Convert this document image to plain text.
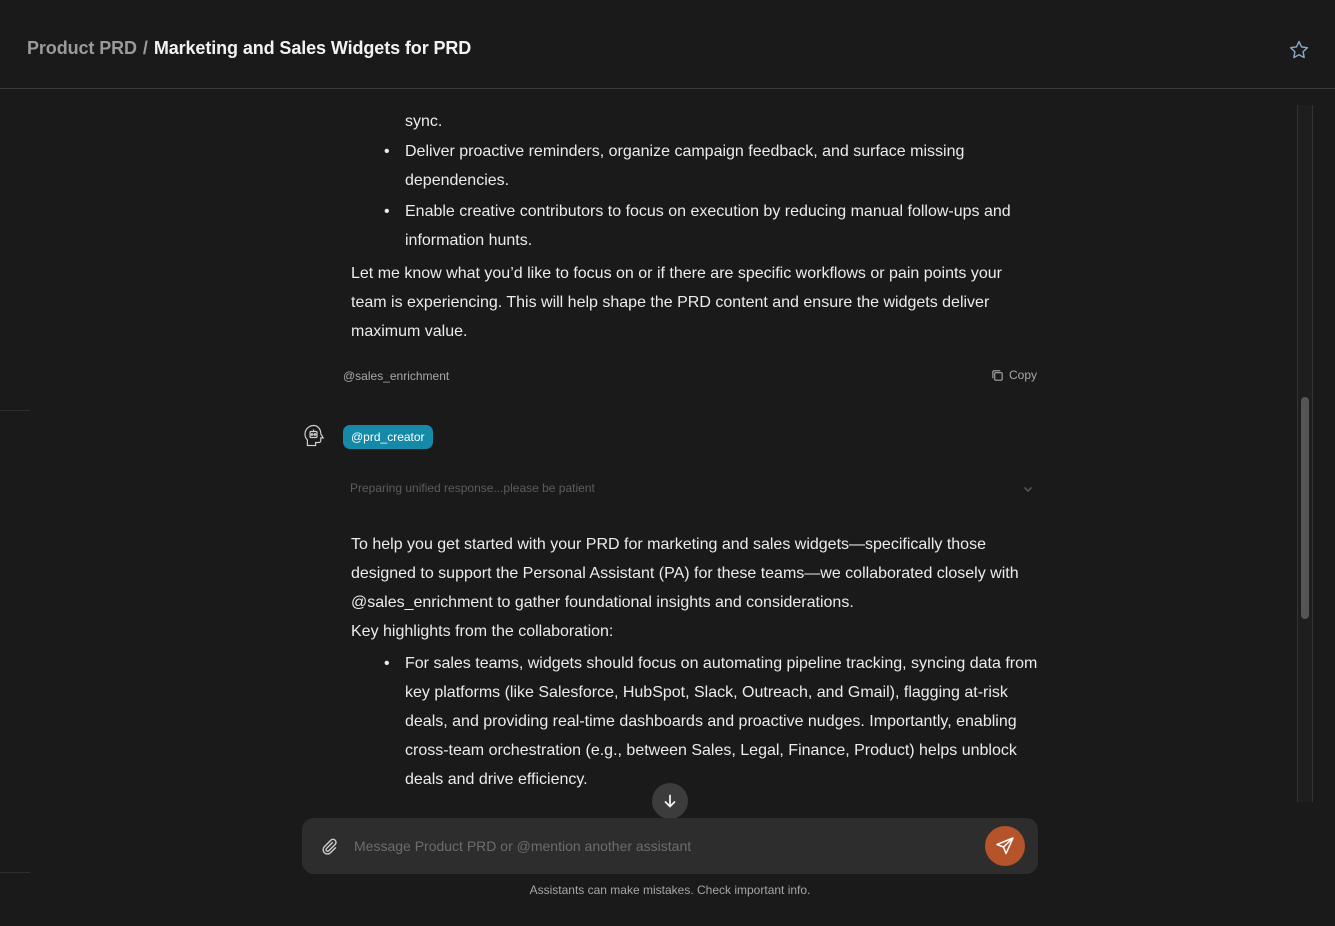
Product PRD / Marketing and Sales Widgets for PRD
sync.
• Deliver proactive reminders, organize campaign feedback, and surface missing dependencies.
• Enable creative contributors to focus on execution by reducing manual follow-ups and information hunts.
Let me know what you’d like to focus on or if there are specific workflows or pain points your team is experiencing. This will help shape the PRD content and ensure the widgets deliver maximum value.
@sales_enrichment	Copy
@prd_creator
Preparing unified response...please be patient
To help you get started with your PRD for marketing and sales widgets—specifically those designed to support the Personal Assistant (PA) for these teams—we collaborated closely with @sales_enrichment to gather foundational insights and considerations.
Key highlights from the collaboration:
• For sales teams, widgets should focus on automating pipeline tracking, syncing data from key platforms (like Salesforce, HubSpot, Slack, Outreach, and Gmail), flagging at-risk deals, and providing real-time dashboards and proactive nudges. Importantly, enabling cross-team orchestration (e.g., between Sales, Legal, Finance, Product) helps unblock deals and drive efficiency.
Message Product PRD or @mention another assistant
Assistants can make mistakes. Check important info.
